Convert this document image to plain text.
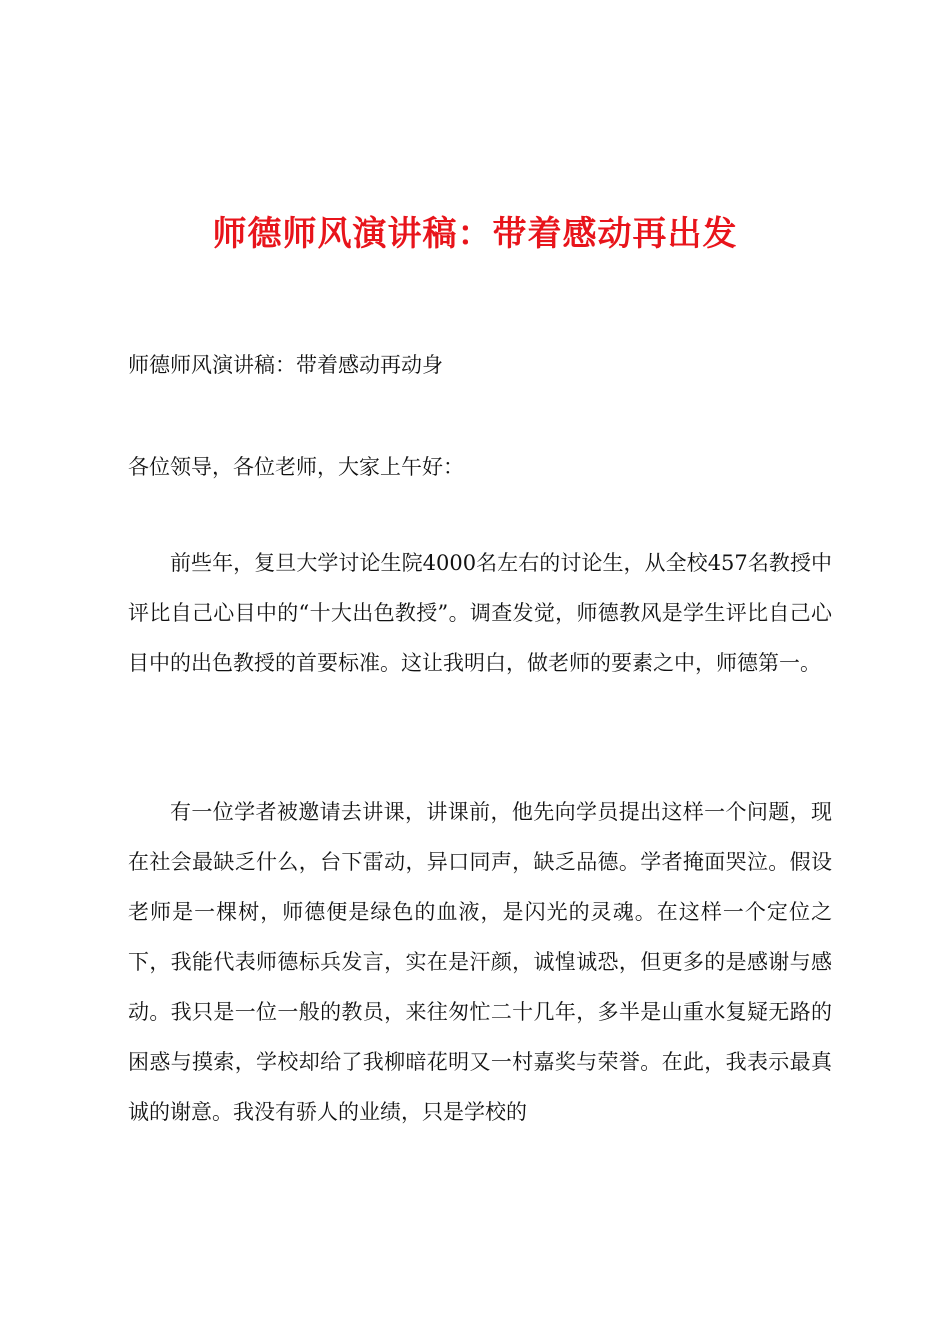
师德师风演讲稿：带着感动再出发
师德师风演讲稿：带着感动再动身
各位领导，各位老师，大家上午好：

前些年，复旦大学讨论生院4000名左右的讨论生，从全校457名教授中评比自己心目中的“十大出色教授”。调查发觉，师德教风是学生评比自己心目中的出色教授的首要标准。这让我明白，做老师的要素之中，师德第一。

有一位学者被邀请去讲课，讲课前，他先向学员提出这样一个问题，现在社会最缺乏什么，台下雷动，异口同声，缺乏品德。学者掩面哭泣。假设老师是一棵树，师德便是绿色的血液，是闪光的灵魂。在这样一个定位之下，我能代表师德标兵发言，实在是汗颜，诚惶诚恐，但更多的是感谢与感动。我只是一位一般的教员，来往匆忙二十几年，多半是山重水复疑无路的困惑与摸索，学校却给了我柳暗花明又一村嘉奖与荣誉。在此，我表示最真诚的谢意。我没有骄人的业绩，只是学校的
